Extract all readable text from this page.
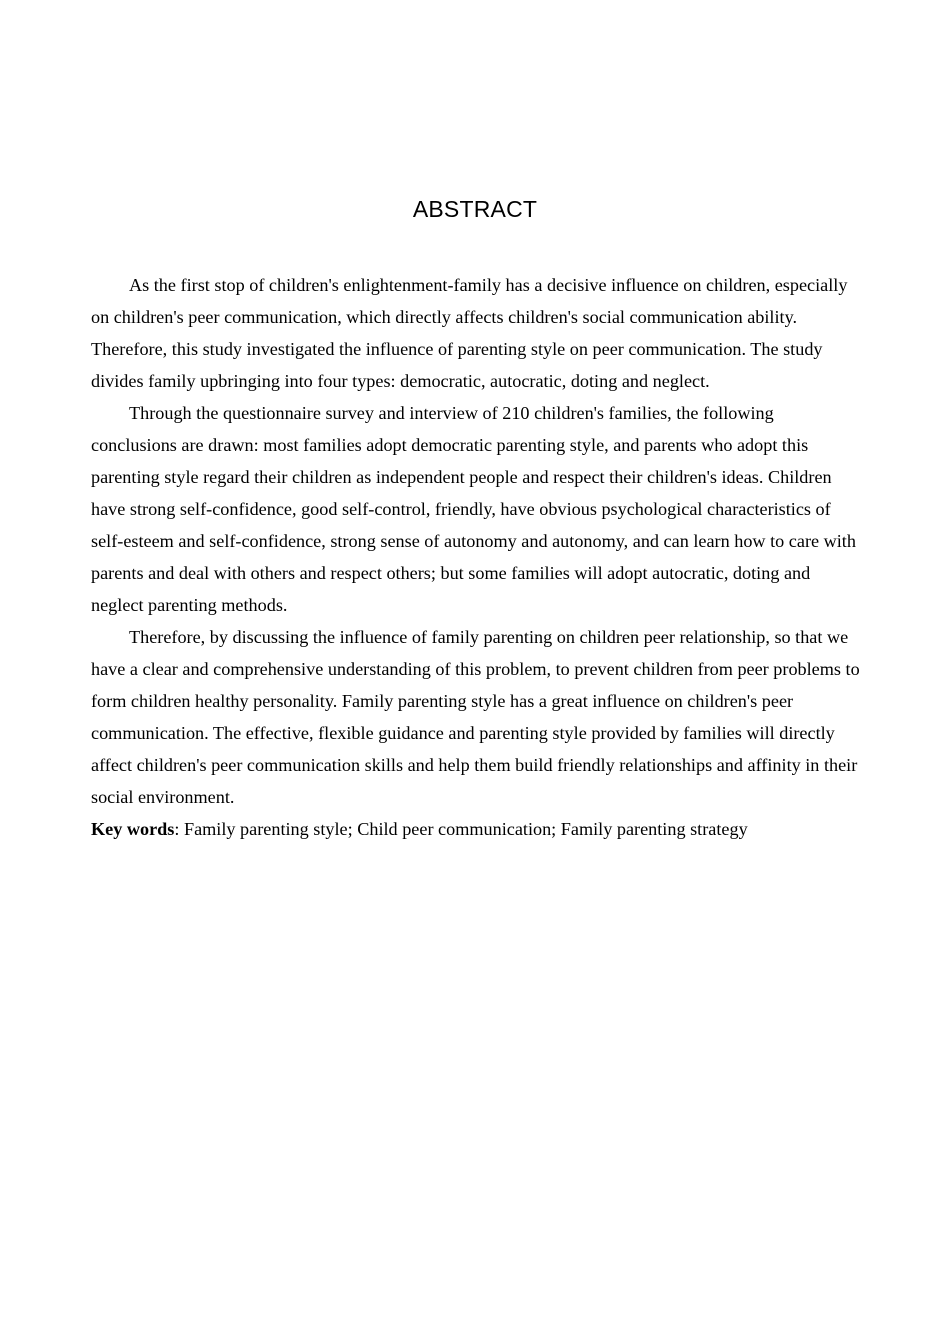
ABSTRACT

As the first stop of children's enlightenment-family has a decisive influence on children, especially on children's peer communication, which directly affects children's social communication ability. Therefore, this study investigated the influence of parenting style on peer communication. The study divides family upbringing into four types: democratic, autocratic, doting and neglect.

Through the questionnaire survey and interview of 210 children's families, the following conclusions are drawn: most families adopt democratic parenting style, and parents who adopt this parenting style regard their children as independent people and respect their children's ideas. Children have strong self-confidence, good self-control, friendly, have obvious psychological characteristics of self-esteem and self-confidence, strong sense of autonomy and autonomy, and can learn how to care with parents and deal with others and respect others; but some families will adopt autocratic, doting and neglect parenting methods.

Therefore, by discussing the influence of family parenting on children peer relationship, so that we have a clear and comprehensive understanding of this problem, to prevent children from peer problems to form children healthy personality. Family parenting style has a great influence on children's peer communication. The effective, flexible guidance and parenting style provided by families will directly affect children's peer communication skills and help them build friendly relationships and affinity in their social environment.

Key words: Family parenting style; Child peer communication; Family parenting strategy
